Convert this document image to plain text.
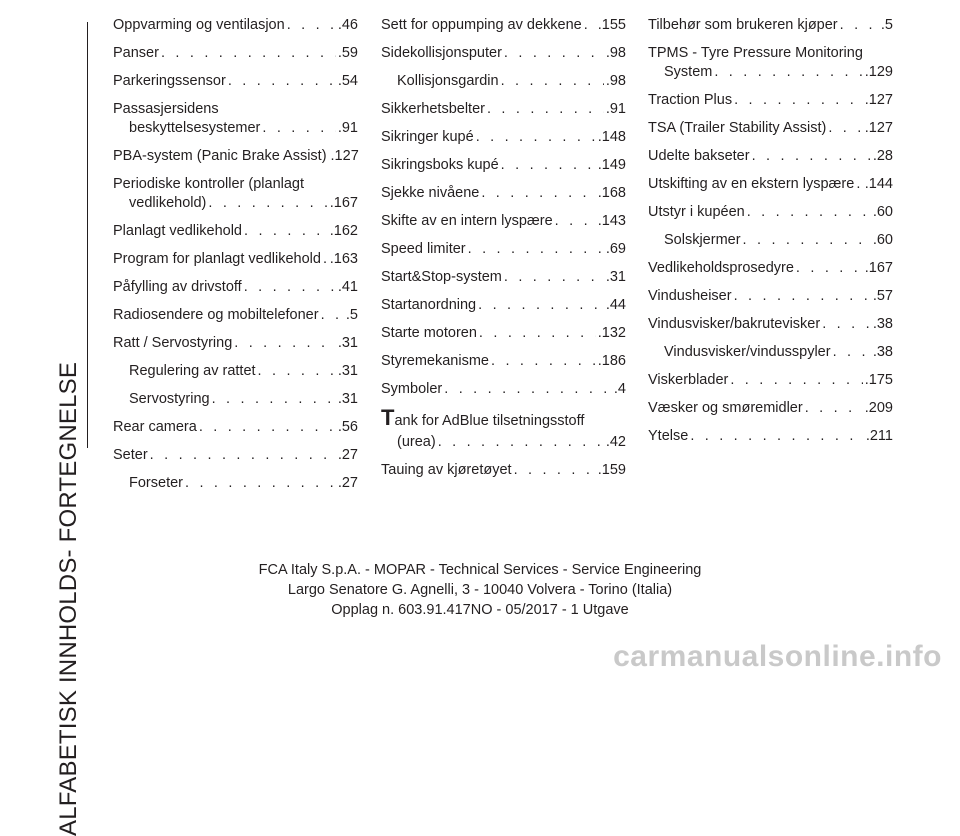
ALFABETISK INNHOLDS- FORTEGNELSE
Oppvarming og ventilasjon . . .	.46
Panser . . .	.59
Parkeringssensor . . .	.54
Passasjersidens
beskyttelsesystemer . . .	.91
PBA-system (Panic Brake Assist) .127
Periodiske kontroller (planlagt
vedlikehold) . . .	.167
Planlagt vedlikehold . . .	.162
Program for planlagt vedlikehold . . . .163
Påfylling av drivstoff . . .	.41
Radiosendere og mobiltelefoner . . . .5
Ratt / Servostyring . . .	.31
Regulering av rattet . . .	.31
Servostyring . . .	.31
Rear camera . . .	.56
Seter . . .	.27
Forseter . . .	.27
Sett for oppumping av dekkene . . . .155
Sidekollisjonsputer . . .	.98
Kollisjonsgardin . . .	.98
Sikkerhetsbelter . . .	.91
Sikringer kupé . . .	.148
Sikringsboks kupé . . .	.149
Sjekke nivåene . . .	.168
Skifte av en intern lyspære . . .	.143
Speed limiter . . .	.69
Start&Stop-system . . .	.31
Startanordning . . .	.44
Starte motoren . . .	.132
Styremekanisme . . .	.186
Symboler . . .	.4
Tank for AdBlue tilsetningsstoff
(urea) . . .	.42
Tauing av kjøretøyet . . .	.159
Tilbehør som brukeren kjøper . . .	.5
TPMS - Tyre Pressure Monitoring
System . . .	.129
Traction Plus . . .	.127
TSA (Trailer Stability Assist) . . .	.127
Udelte bakseter . . .	.28
Utskifting av en ekstern lyspære . . . .144
Utstyr i kupéen . . .	.60
Solskjermer . . .	.60
Vedlikeholdsprosedyre . . .	.167
Vindusheiser . . .	.57
Vindusvisker/bakrutevisker . . .	.38
Vindusvisker/vindusspyler . . .	.38
Viskerblader . . .	.175
Væsker og smøremidler . . .	.209
Ytelse . . .	.211
FCA Italy S.p.A. - MOPAR - Technical Services - Service Engineering
Largo Senatore G. Agnelli, 3 - 10040 Volvera - Torino (Italia)
Opplag n. 603.91.417NO - 05/2017 - 1 Utgave
carmanualsonline.info
